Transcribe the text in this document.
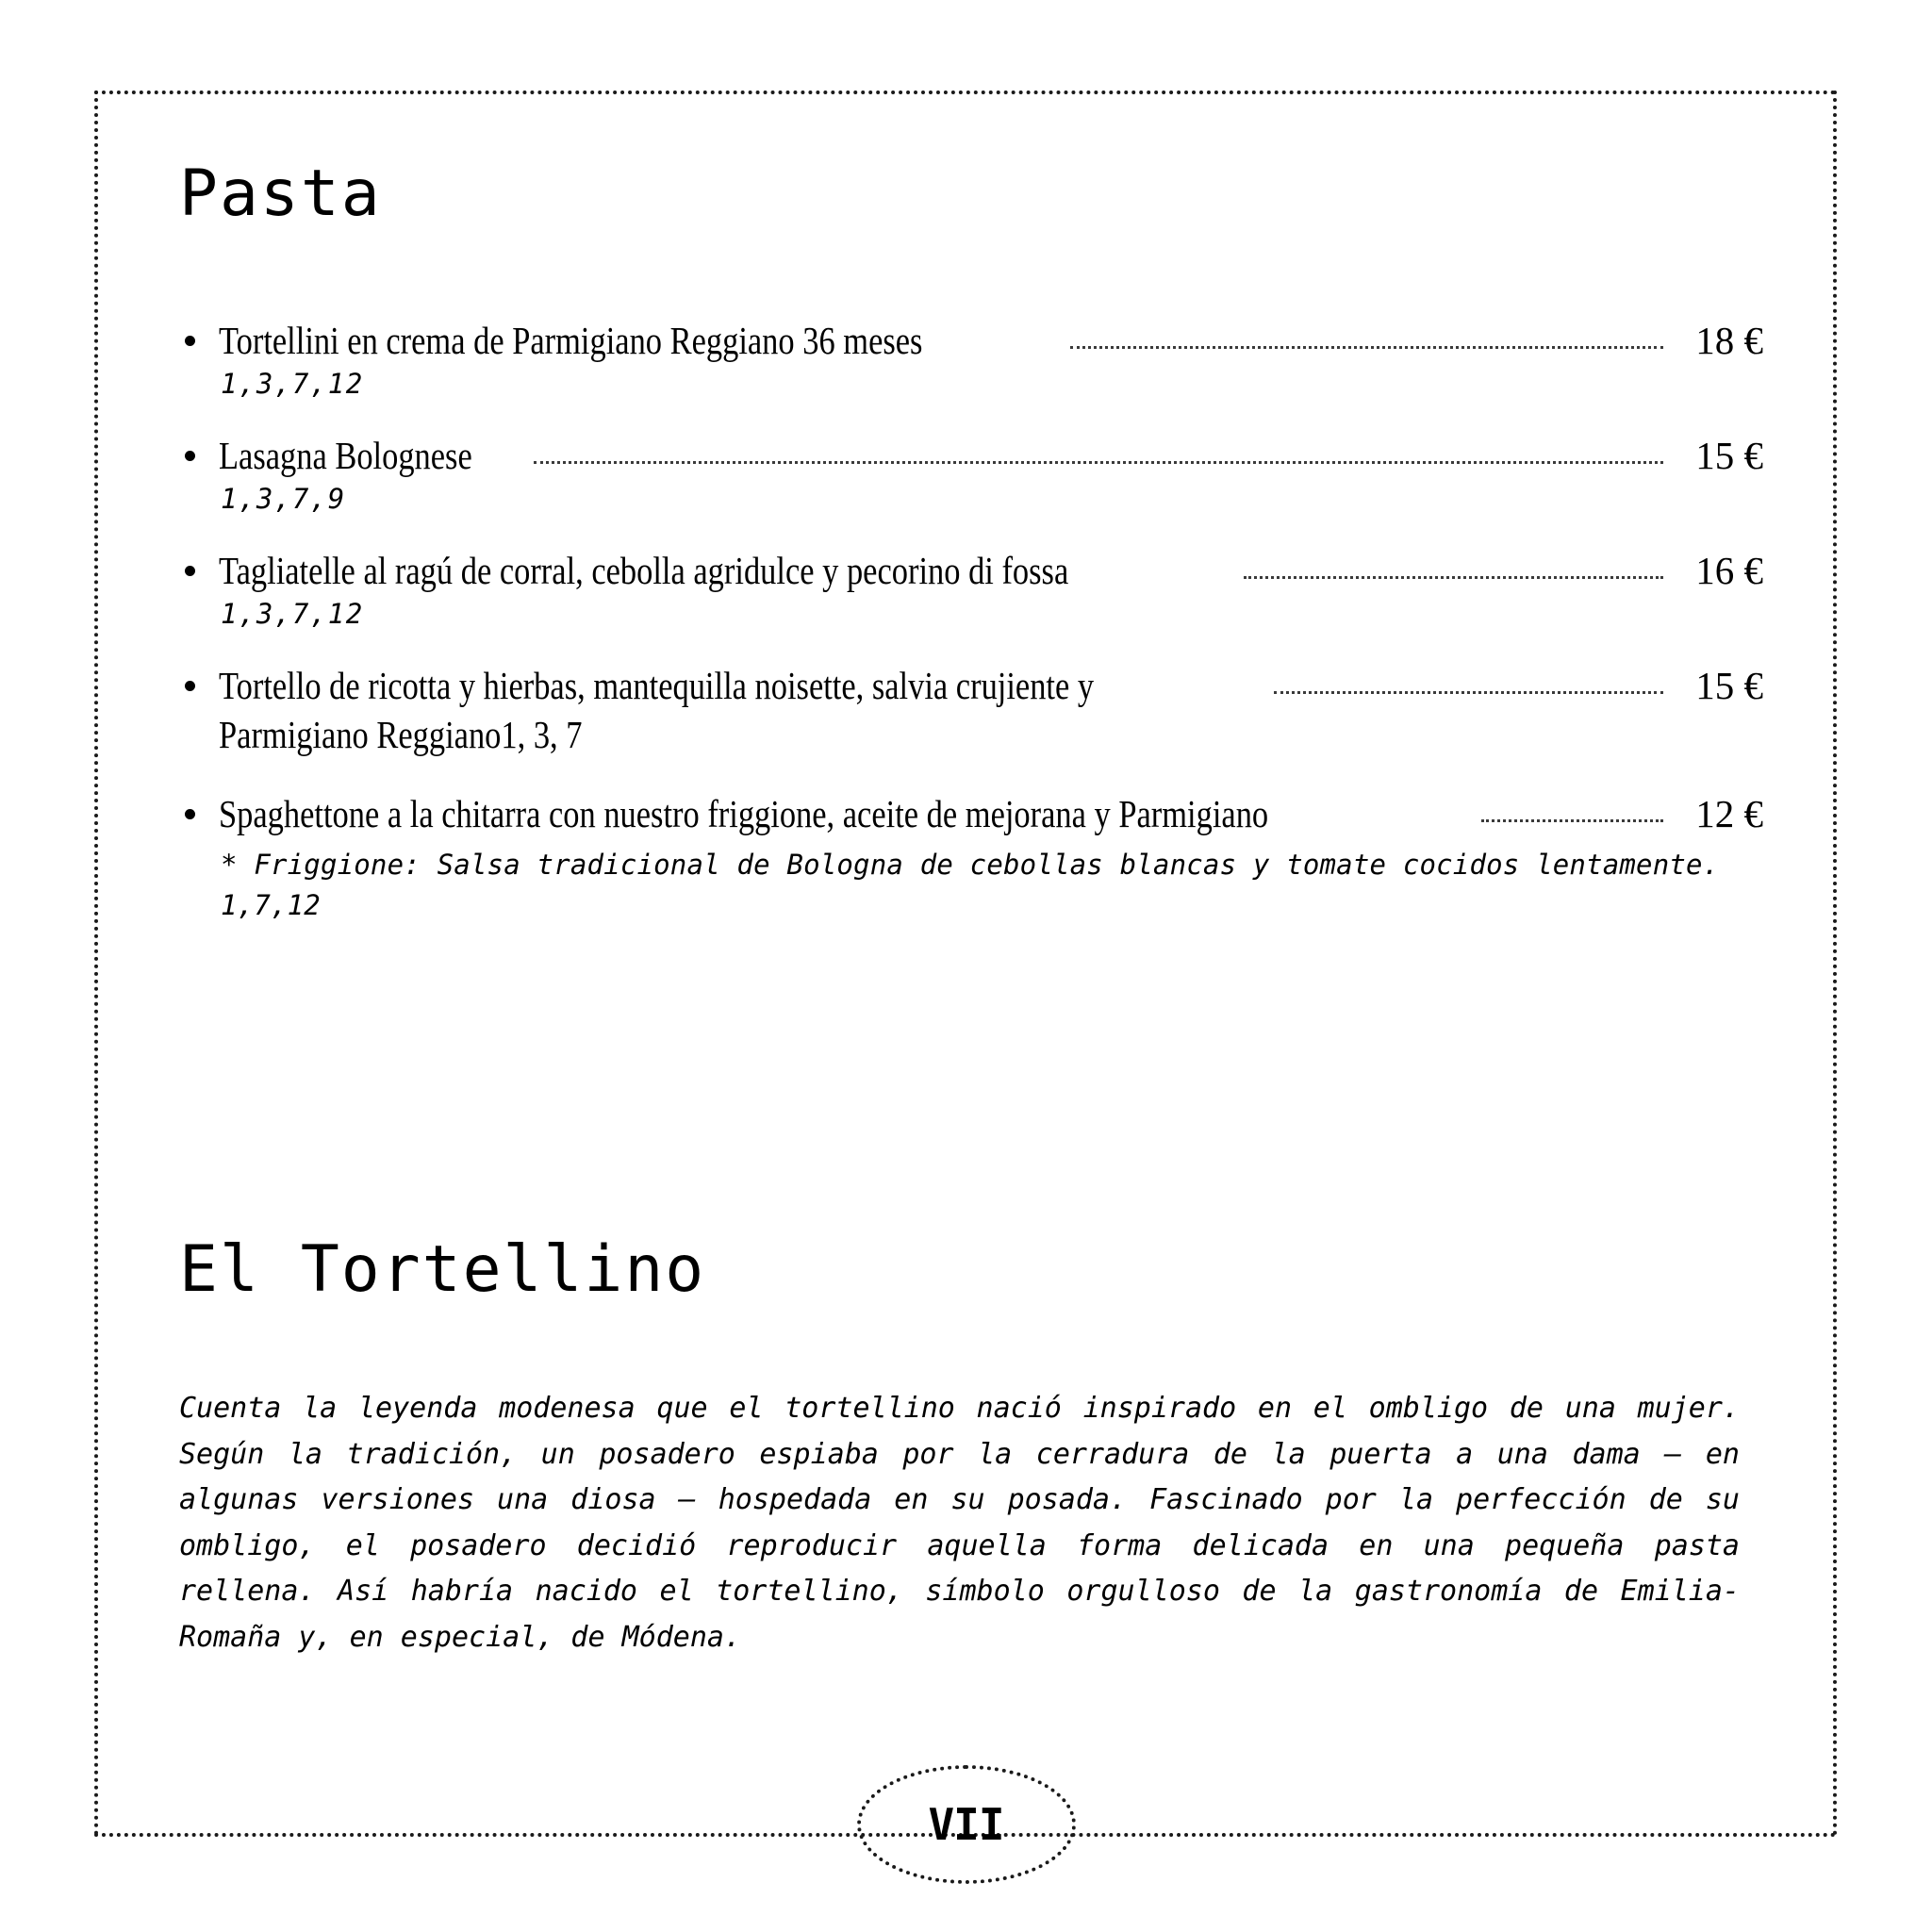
Pasta
Tortellini en crema de Parmigiano Reggiano 36 meses	18 €
1,3,7,12
Lasagna Bolognese	15 €
1,3,7,9
Tagliatelle al ragú de corral, cebolla agridulce y pecorino di fossa	16 €
1,3,7,12
Tortello de ricotta y hierbas, mantequilla noisette, salvia crujiente y	15 €
Parmigiano Reggiano1, 3, 7
Spaghettone a la chitarra con nuestro friggione, aceite de mejorana y Parmigiano	12 €
* Friggione: Salsa tradicional de Bologna de cebollas blancas y tomate cocidos lentamente. 1,7,12
El Tortellino

Cuenta la leyenda modenesa que el tortellino nació inspirado en el ombligo de una mujer. Según la tradición, un posadero espiaba por la cerradura de la puerta a una dama — en algunas versiones una diosa — hospedada en su posada. Fascinado por la perfección de su ombligo, el posadero decidió reproducir aquella forma delicada en una pequeña pasta rellena. Así habría nacido el tortellino, símbolo orgulloso de la gastronomía de Emilia-Romaña y, en especial, de Módena.

VII
